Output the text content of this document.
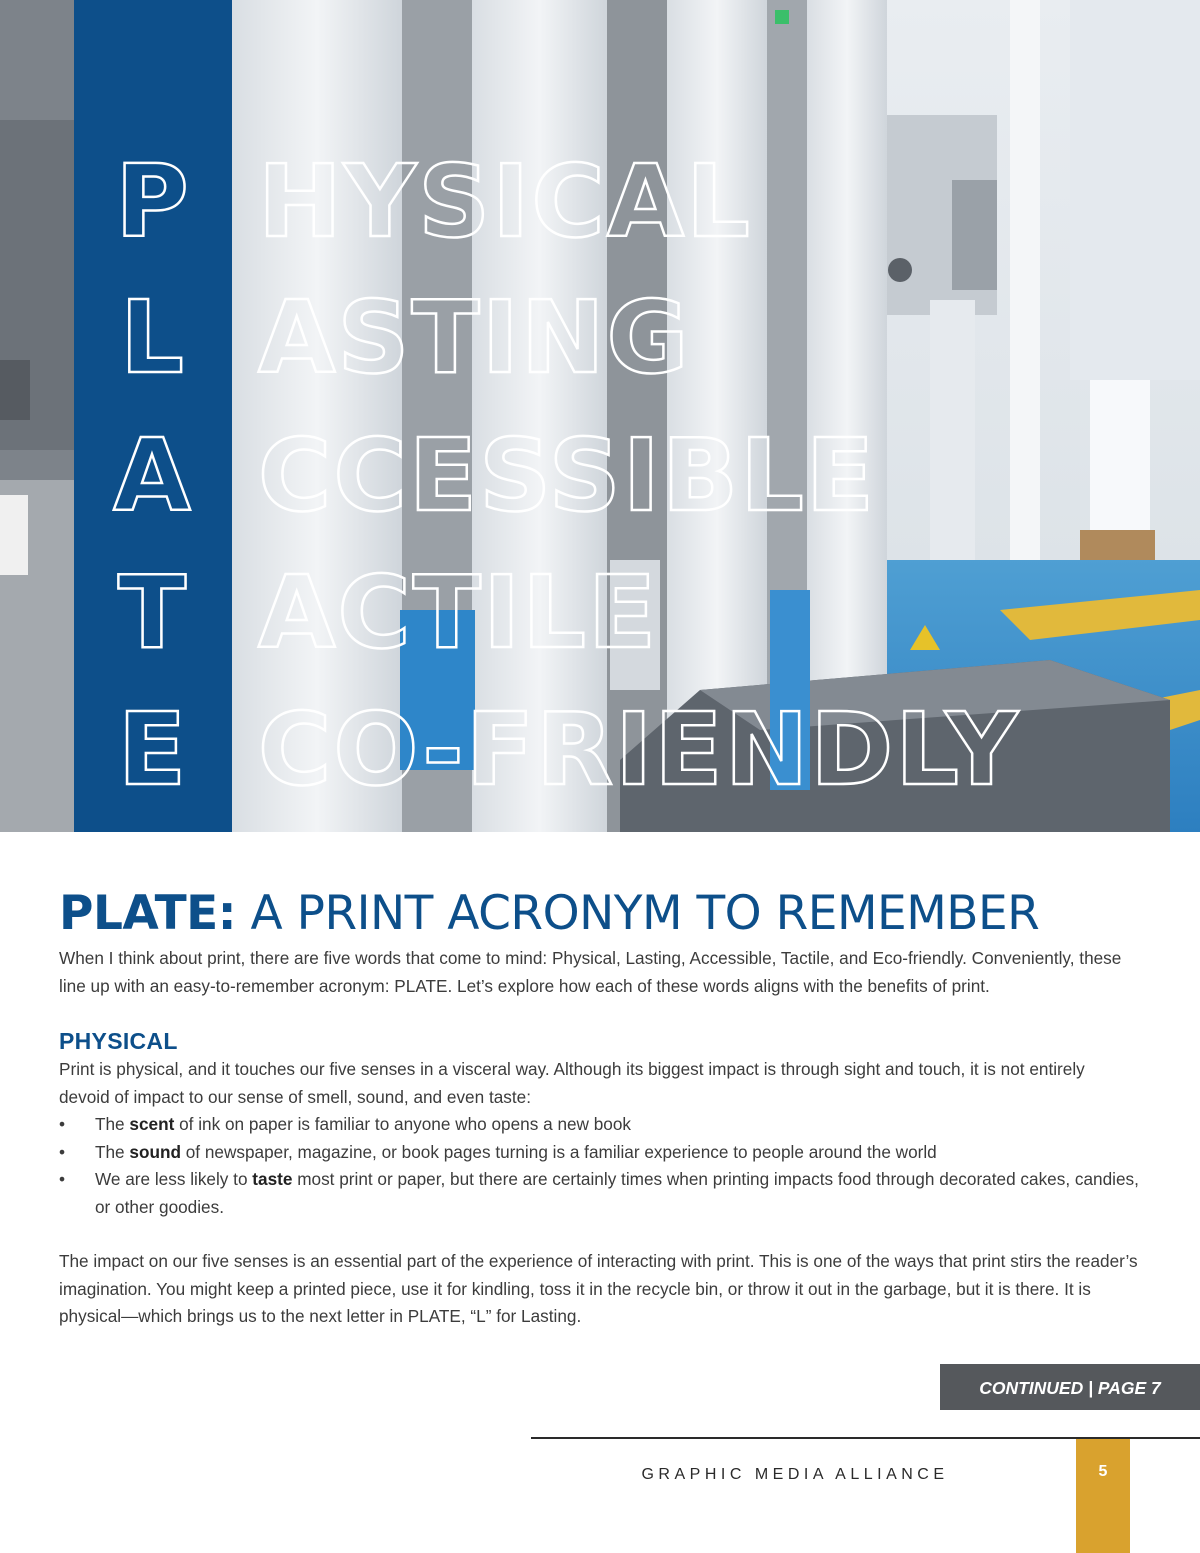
P HYSICAL
L ASTING
A CCESSIBLE
T ACTILE
E CO-FRIENDLY
PLATE: A PRINT ACRONYM TO REMEMBER

When I think about print, there are five words that come to mind: Physical, Lasting, Accessible, Tactile, and Eco-friendly. Conveniently, these line up with an easy-to-remember acronym: PLATE. Let’s explore how each of these words aligns with the benefits of print.

PHYSICAL

Print is physical, and it touches our five senses in a visceral way. Although its biggest impact is through sight and touch, it is not entirely devoid of impact to our sense of smell, sound, and even taste:

• The scent of ink on paper is familiar to anyone who opens a new book
• The sound of newspaper, magazine, or book pages turning is a familiar experience to people around the world
• We are less likely to taste most print or paper, but there are certainly times when printing impacts food through decorated cakes, candies, or other goodies.

The impact on our five senses is an essential part of the experience of interacting with print. This is one of the ways that print stirs the reader’s imagination. You might keep a printed piece, use it for kindling, toss it in the recycle bin, or throw it out in the garbage, but it is there. It is physical—which brings us to the next letter in PLATE, “L” for Lasting.

CONTINUED | PAGE 7
GRAPHIC MEDIA ALLIANCE	5
